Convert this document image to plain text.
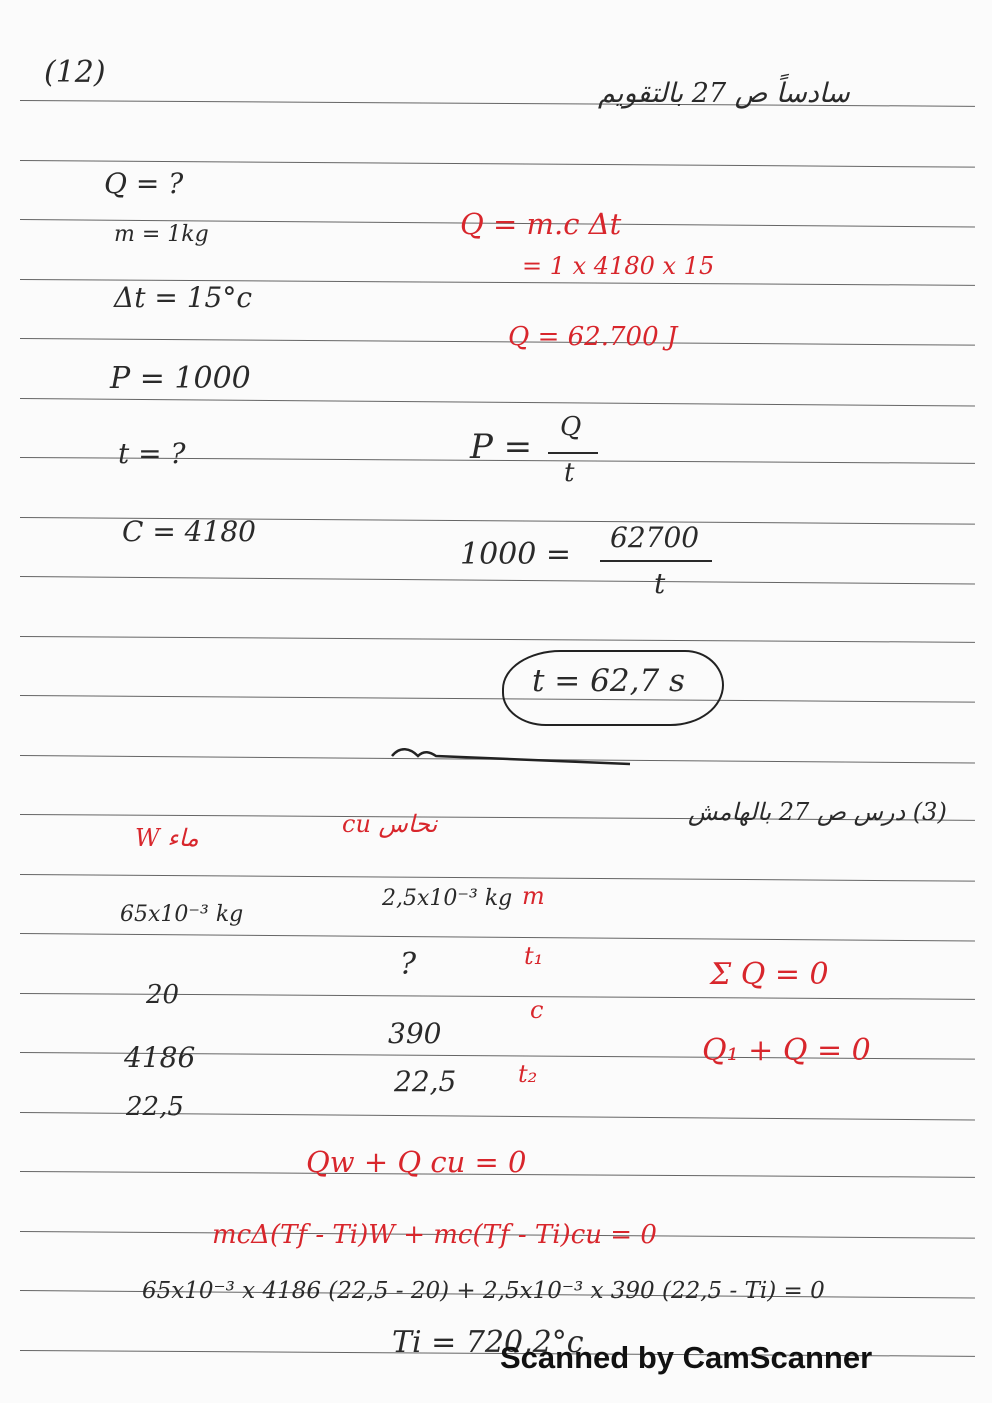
(12)
سادساً ص 27 بالتقويم
Q = ?
m = 1kg
Δt = 15°c
P = 1000
t = ?
C = 4180
Q = m.c Δt
= 1 x 4180 x 15
Q = 62.700 J
P = Q
t
1000 = 62700
t
t = 62,7 s
(3) درس ص 27 بالهامش
ماء W	نحاس cu
m
65x10⁻³ kg
2,5x10⁻³ kg
t₁
20
?
c
4186
390
t₂
22,5
22,5
Σ Q = 0
Q₁ + Q = 0
Qw + Q cu = 0
mcΔ(Tf - Ti)W + mc(Tf - Ti)cu = 0
65x10⁻³ x 4186 (22,5 - 20) + 2,5x10⁻³ x 390 (22,5 - Ti) = 0
Ti = 720,2°c
Scanned by CamScanner
